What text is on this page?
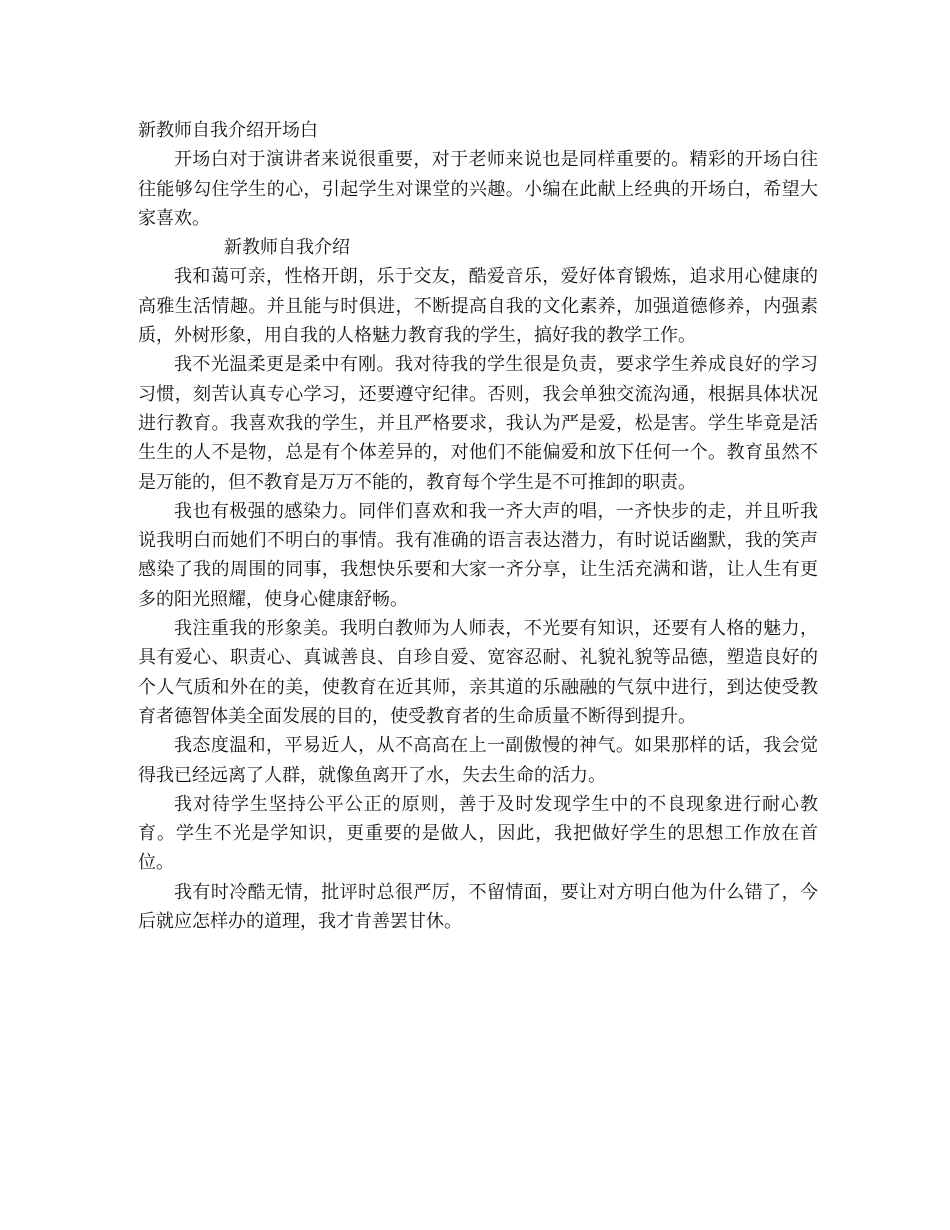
新教师自我介绍开场白

开场白对于演讲者来说很重要，对于老师来说也是同样重要的。精彩的开场白往往能够勾住学生的心，引起学生对课堂的兴趣。小编在此献上经典的开场白，希望大家喜欢。

新教师自我介绍

我和蔼可亲，性格开朗，乐于交友，酷爱音乐，爱好体育锻炼，追求用心健康的高雅生活情趣。并且能与时俱进，不断提高自我的文化素养，加强道德修养，内强素质，外树形象，用自我的人格魅力教育我的学生，搞好我的教学工作。

我不光温柔更是柔中有刚。我对待我的学生很是负责，要求学生养成良好的学习习惯，刻苦认真专心学习，还要遵守纪律。否则，我会单独交流沟通，根据具体状况进行教育。我喜欢我的学生，并且严格要求，我认为严是爱，松是害。学生毕竟是活生生的人不是物，总是有个体差异的，对他们不能偏爱和放下任何一个。教育虽然不是万能的，但不教育是万万不能的，教育每个学生是不可推卸的职责。

我也有极强的感染力。同伴们喜欢和我一齐大声的唱，一齐快步的走，并且听我说我明白而她们不明白的事情。我有准确的语言表达潜力，有时说话幽默，我的笑声感染了我的周围的同事，我想快乐要和大家一齐分享，让生活充满和谐，让人生有更多的阳光照耀，使身心健康舒畅。

我注重我的形象美。我明白教师为人师表，不光要有知识，还要有人格的魅力，具有爱心、职责心、真诚善良、自珍自爱、宽容忍耐、礼貌礼貌等品德，塑造良好的个人气质和外在的美，使教育在近其师，亲其道的乐融融的气氛中进行，到达使受教育者德智体美全面发展的目的，使受教育者的生命质量不断得到提升。

我态度温和，平易近人，从不高高在上一副傲慢的神气。如果那样的话，我会觉得我已经远离了人群，就像鱼离开了水，失去生命的活力。

我对待学生坚持公平公正的原则，善于及时发现学生中的不良现象进行耐心教育。学生不光是学知识，更重要的是做人，因此，我把做好学生的思想工作放在首位。

我有时冷酷无情，批评时总很严厉，不留情面，要让对方明白他为什么错了，今后就应怎样办的道理，我才肯善罢甘休。
